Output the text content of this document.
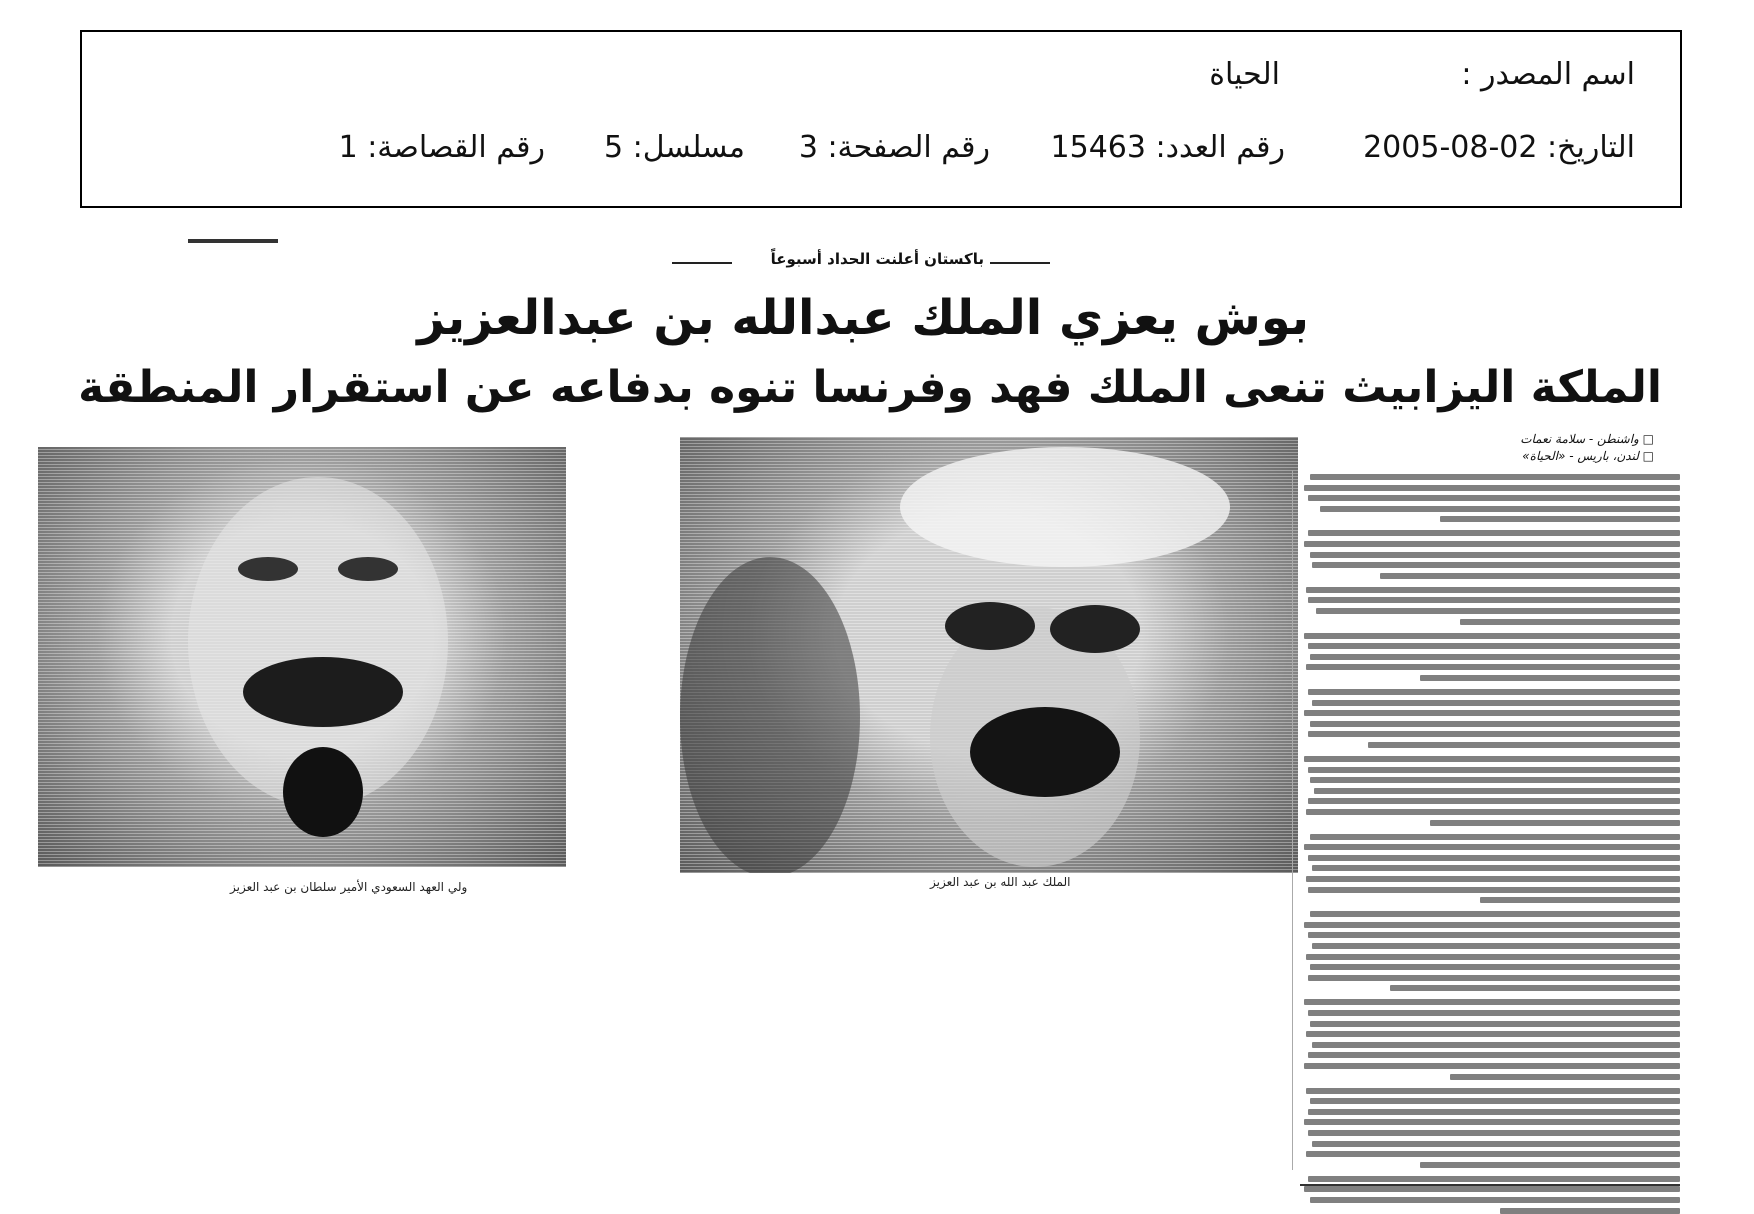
اسم المصدر :
الحياة
التاريخ: 02-08-2005
رقم العدد: 15463
رقم الصفحة: 3
مسلسل: 5
رقم القصاصة: 1
باكستان أعلنت الحداد أسبوعاً
بوش يعزي الملك عبدالله بن عبدالعزيز
الملكة اليزابيث تنعى الملك فهد وفرنسا تنوه بدفاعه عن استقرار المنطقة
ولي العهد السعودي الأمير سلطان بن عبد العزيز	الملك عبد الله بن عبد العزيز
□ واشنطن - سلامة نعمات
□ لندن، باريس - «الحياة»
